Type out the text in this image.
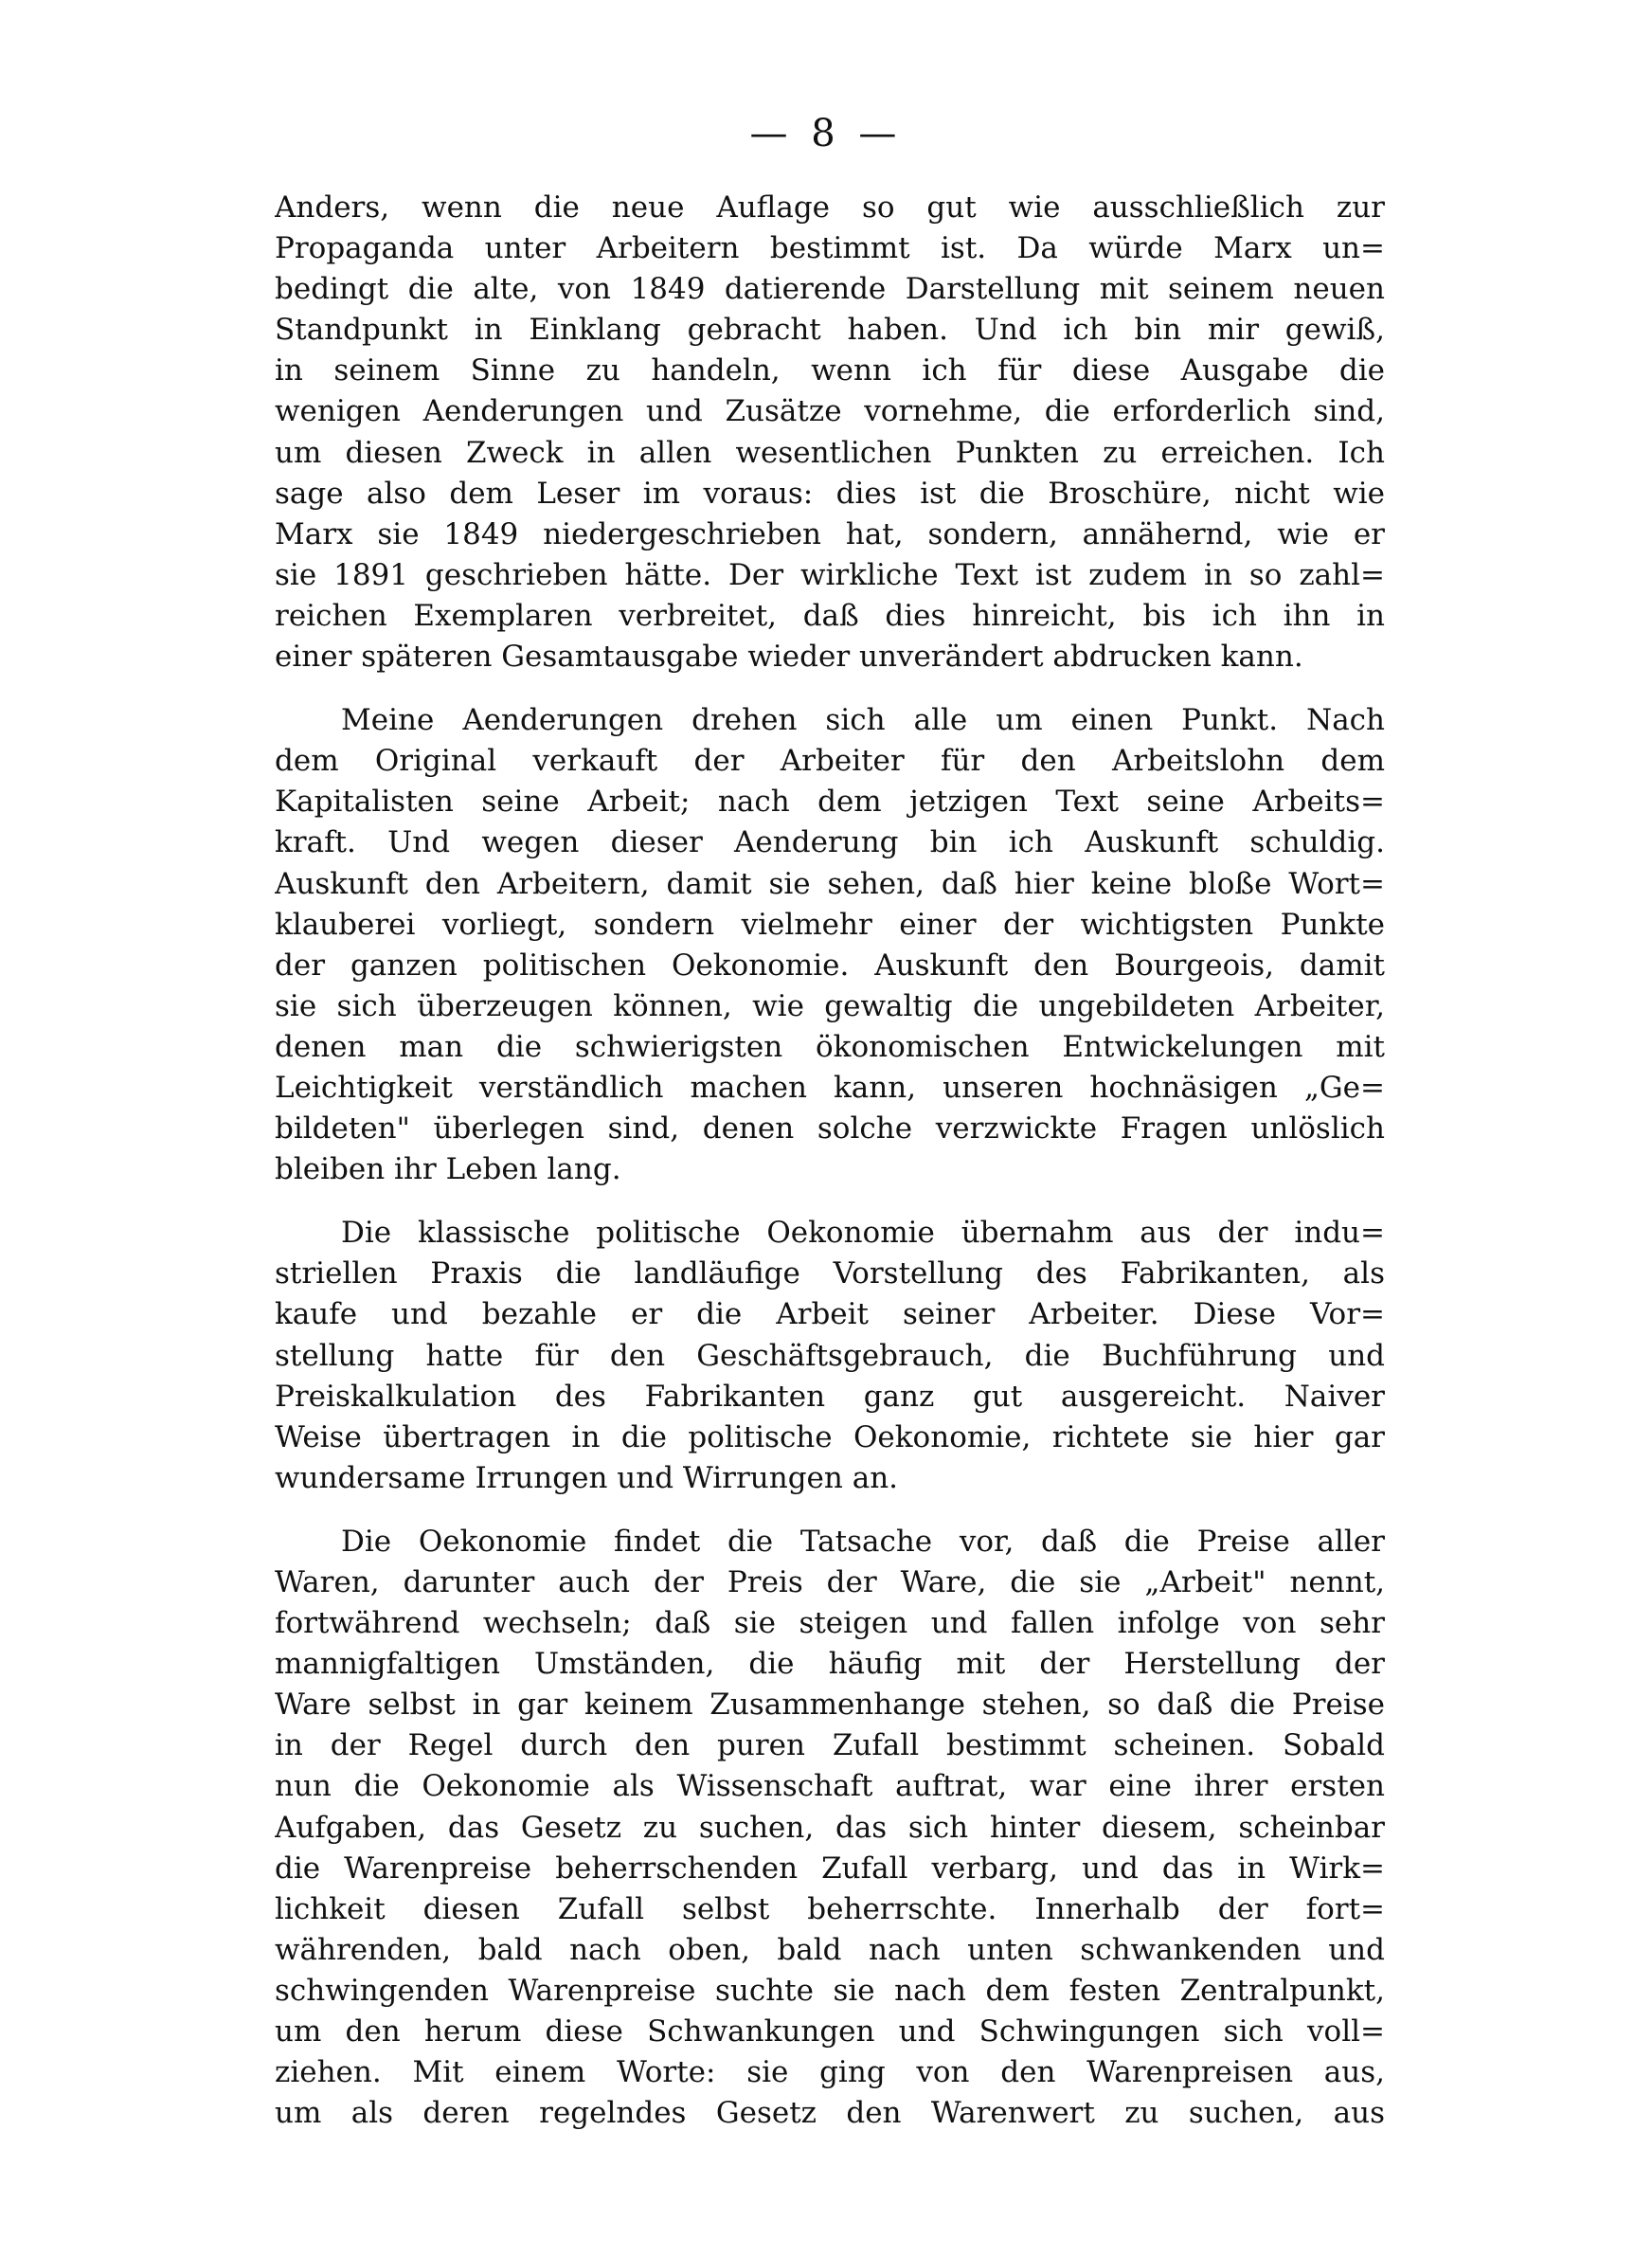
— 8 —
Anders, wenn die neue Auflage so gut wie ausschließlich zur
Propaganda unter Arbeitern bestimmt ist. Da würde Marx un=
bedingt die alte, von 1849 datierende Darstellung mit seinem neuen
Standpunkt in Einklang gebracht haben. Und ich bin mir gewiß,
in seinem Sinne zu handeln, wenn ich für diese Ausgabe die
wenigen Aenderungen und Zusätze vornehme, die erforderlich sind,
um diesen Zweck in allen wesentlichen Punkten zu erreichen. Ich
sage also dem Leser im voraus: dies ist die Broschüre, nicht wie
Marx sie 1849 niedergeschrieben hat, sondern, annähernd, wie er
sie 1891 geschrieben hätte. Der wirkliche Text ist zudem in so zahl=
reichen Exemplaren verbreitet, daß dies hinreicht, bis ich ihn in
einer späteren Gesamtausgabe wieder unverändert abdrucken kann.
Meine Aenderungen drehen sich alle um einen Punkt. Nach
dem Original verkauft der Arbeiter für den Arbeitslohn dem
Kapitalisten seine Arbeit; nach dem jetzigen Text seine Arbeits=
kraft. Und wegen dieser Aenderung bin ich Auskunft schuldig.
Auskunft den Arbeitern, damit sie sehen, daß hier keine bloße Wort=
klauberei vorliegt, sondern vielmehr einer der wichtigsten Punkte
der ganzen politischen Oekonomie. Auskunft den Bourgeois, damit
sie sich überzeugen können, wie gewaltig die ungebildeten Arbeiter,
denen man die schwierigsten ökonomischen Entwickelungen mit
Leichtigkeit verständlich machen kann, unseren hochnäsigen „Ge=
bildeten" überlegen sind, denen solche verzwickte Fragen unlöslich
bleiben ihr Leben lang.
Die klassische politische Oekonomie übernahm aus der indu=
striellen Praxis die landläufige Vorstellung des Fabrikanten, als
kaufe und bezahle er die Arbeit seiner Arbeiter. Diese Vor=
stellung hatte für den Geschäftsgebrauch, die Buchführung und
Preiskalkulation des Fabrikanten ganz gut ausgereicht. Naiver
Weise übertragen in die politische Oekonomie, richtete sie hier gar
wundersame Irrungen und Wirrungen an.
Die Oekonomie findet die Tatsache vor, daß die Preise aller
Waren, darunter auch der Preis der Ware, die sie „Arbeit" nennt,
fortwährend wechseln; daß sie steigen und fallen infolge von sehr
mannigfaltigen Umständen, die häufig mit der Herstellung der
Ware selbst in gar keinem Zusammenhange stehen, so daß die Preise
in der Regel durch den puren Zufall bestimmt scheinen. Sobald
nun die Oekonomie als Wissenschaft auftrat, war eine ihrer ersten
Aufgaben, das Gesetz zu suchen, das sich hinter diesem, scheinbar
die Warenpreise beherrschenden Zufall verbarg, und das in Wirk=
lichkeit diesen Zufall selbst beherrschte. Innerhalb der fort=
währenden, bald nach oben, bald nach unten schwankenden und
schwingenden Warenpreise suchte sie nach dem festen Zentralpunkt,
um den herum diese Schwankungen und Schwingungen sich voll=
ziehen. Mit einem Worte: sie ging von den Warenpreisen aus,
um als deren regelndes Gesetz den Warenwert zu suchen, aus
